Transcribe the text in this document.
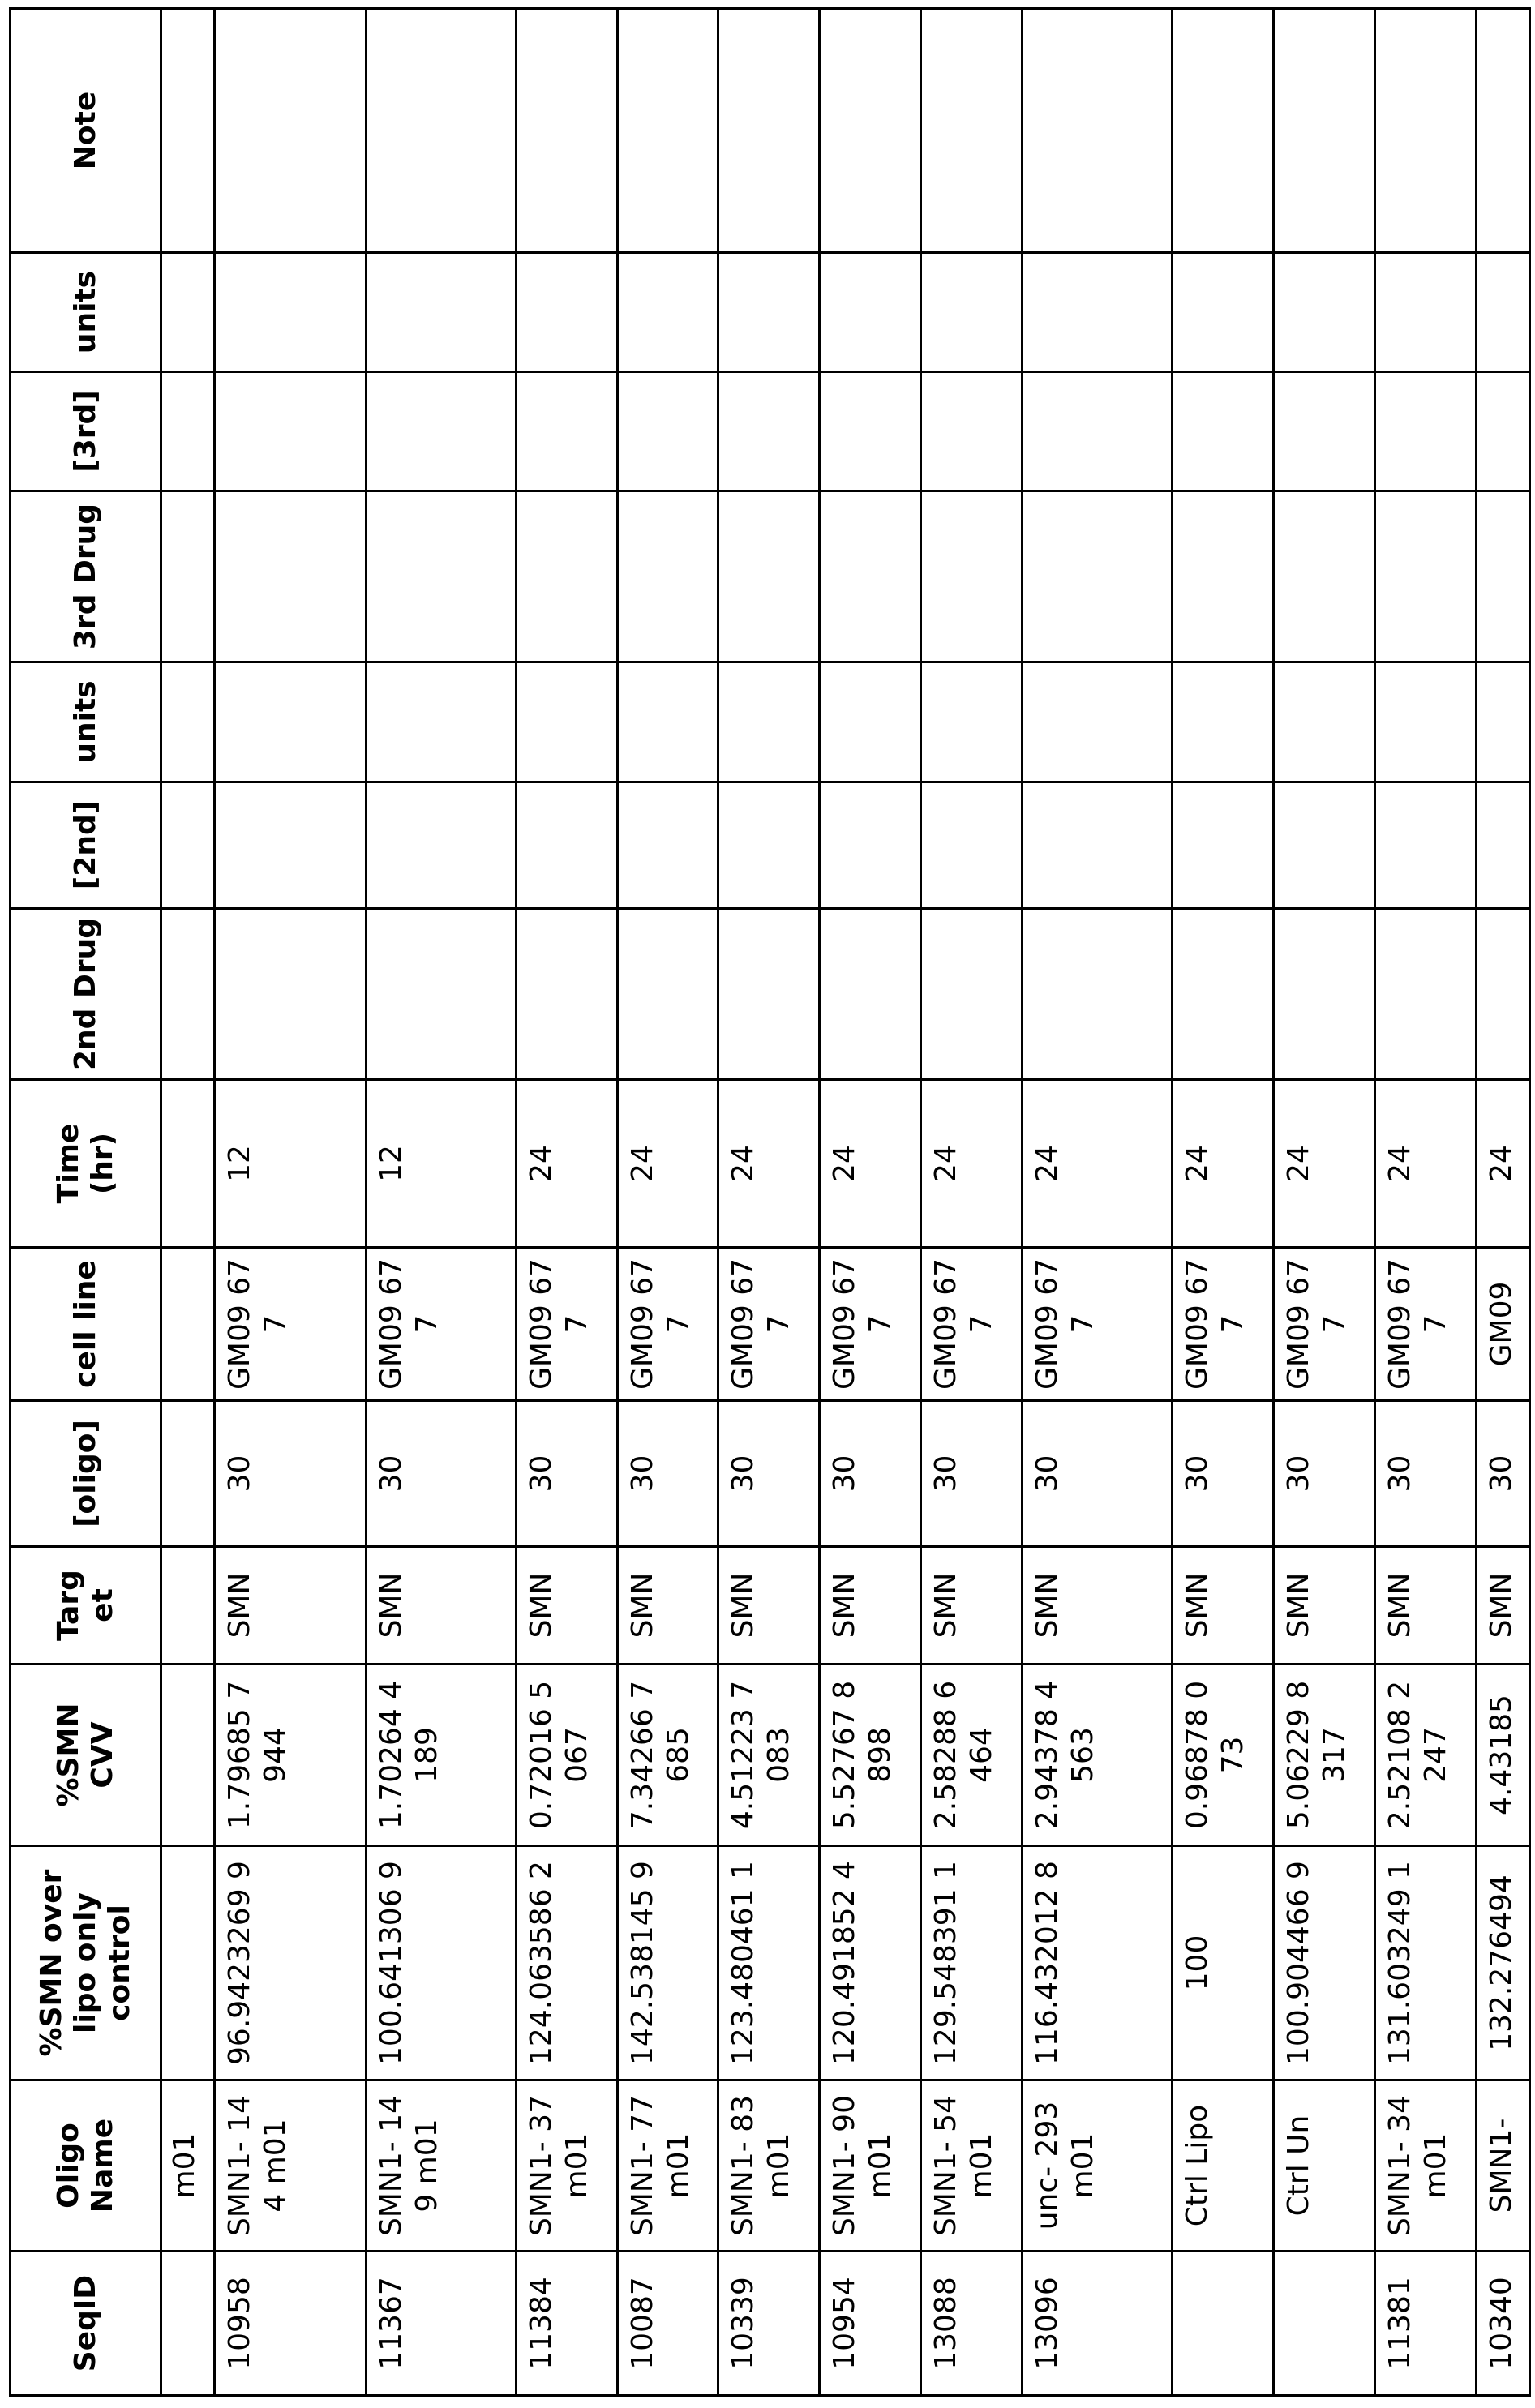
SeqID	Oligo Name	%SMN over lipo only control	%SMN CVV	Targ et	[oligo]	cell line	Time (hr)	2nd Drug	[2nd]	units	3rd Drug	[3rd]	units	Note
	m01													
10958	SMN1- 144 m01	96.9423269 9	1.79685 7944	SMN	30	GM09 677	12							
11367	SMN1- 149 m01	100.641306 9	1.70264 4189	SMN	30	GM09 677	12							
11384	SMN1- 37 m01	124.063586 2	0.72016 5067	SMN	30	GM09 677	24							
10087	SMN1- 77 m01	142.538145 9	7.34266 7685	SMN	30	GM09 677	24							
10339	SMN1- 83 m01	123.480461 1	4.51223 7083	SMN	30	GM09 677	24							
10954	SMN1- 90 m01	120.491852 4	5.52767 8898	SMN	30	GM09 677	24							
13088	SMN1- 54 m01	129.548391 1	2.58288 6464	SMN	30	GM09 677	24							
13096	unc- 293 m01	116.432012 8	2.94378 4563	SMN	30	GM09 677	24							
	Ctrl Lipo	100	0.96878 073	SMN	30	GM09 677	24							
	Ctrl Un	100.904466 9	5.06229 8317	SMN	30	GM09 677	24							
11381	SMN1- 34 m01	131.603249 1	2.52108 2247	SMN	30	GM09 677	24							
10340	SMN1-	132.276494	4.43185	SMN	30	GM09	24							
